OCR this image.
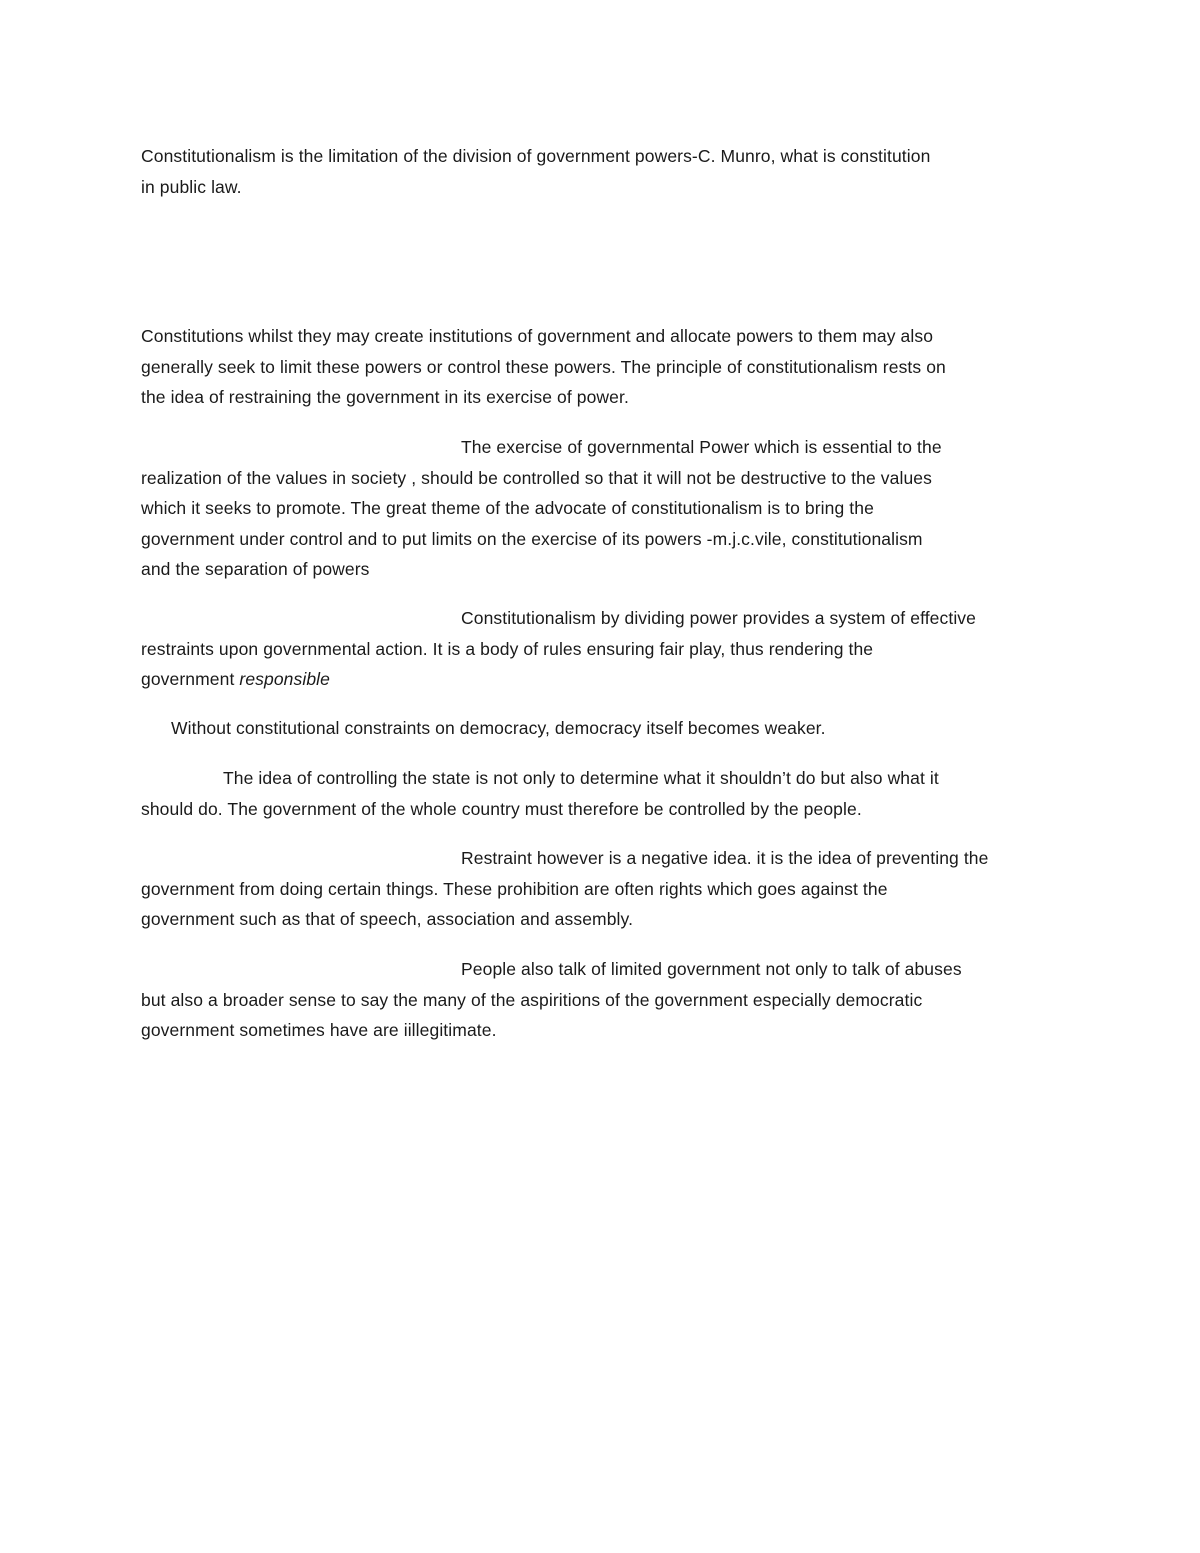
Constitutionalism is the limitation of the division of government powers-C. Munro, what is constitution
in public law.

Constitutions whilst they may create institutions of government and allocate powers to them may also
generally seek to limit these powers or control these powers. The principle of constitutionalism rests on
the idea of restraining the government in its exercise of power.

The exercise of governmental Power which is essential to the
realization of the values in society , should be controlled so that it will not be destructive to the values
which it seeks to promote. The great theme of the advocate of constitutionalism is to bring the
government under control and to put limits on the exercise of its powers -m.j.c.vile, constitutionalism
and the separation of powers

Constitutionalism by dividing power provides a system of effective
restraints upon governmental action. It is a body of rules ensuring fair play, thus rendering the
government responsible

Without constitutional constraints on democracy, democracy itself becomes weaker.

The idea of controlling the state is not only to determine what it shouldn’t do but also what it
should do. The government of the whole country must therefore be controlled by the people.

Restraint however is a negative idea. it is the idea of preventing the
government from doing certain things. These prohibition are often rights which goes against the
government such as that of speech, association and assembly.

People also talk of limited government not only to talk of abuses
but also a broader sense to say the many of the aspiritions of the government especially democratic
government sometimes have are iillegitimate.
